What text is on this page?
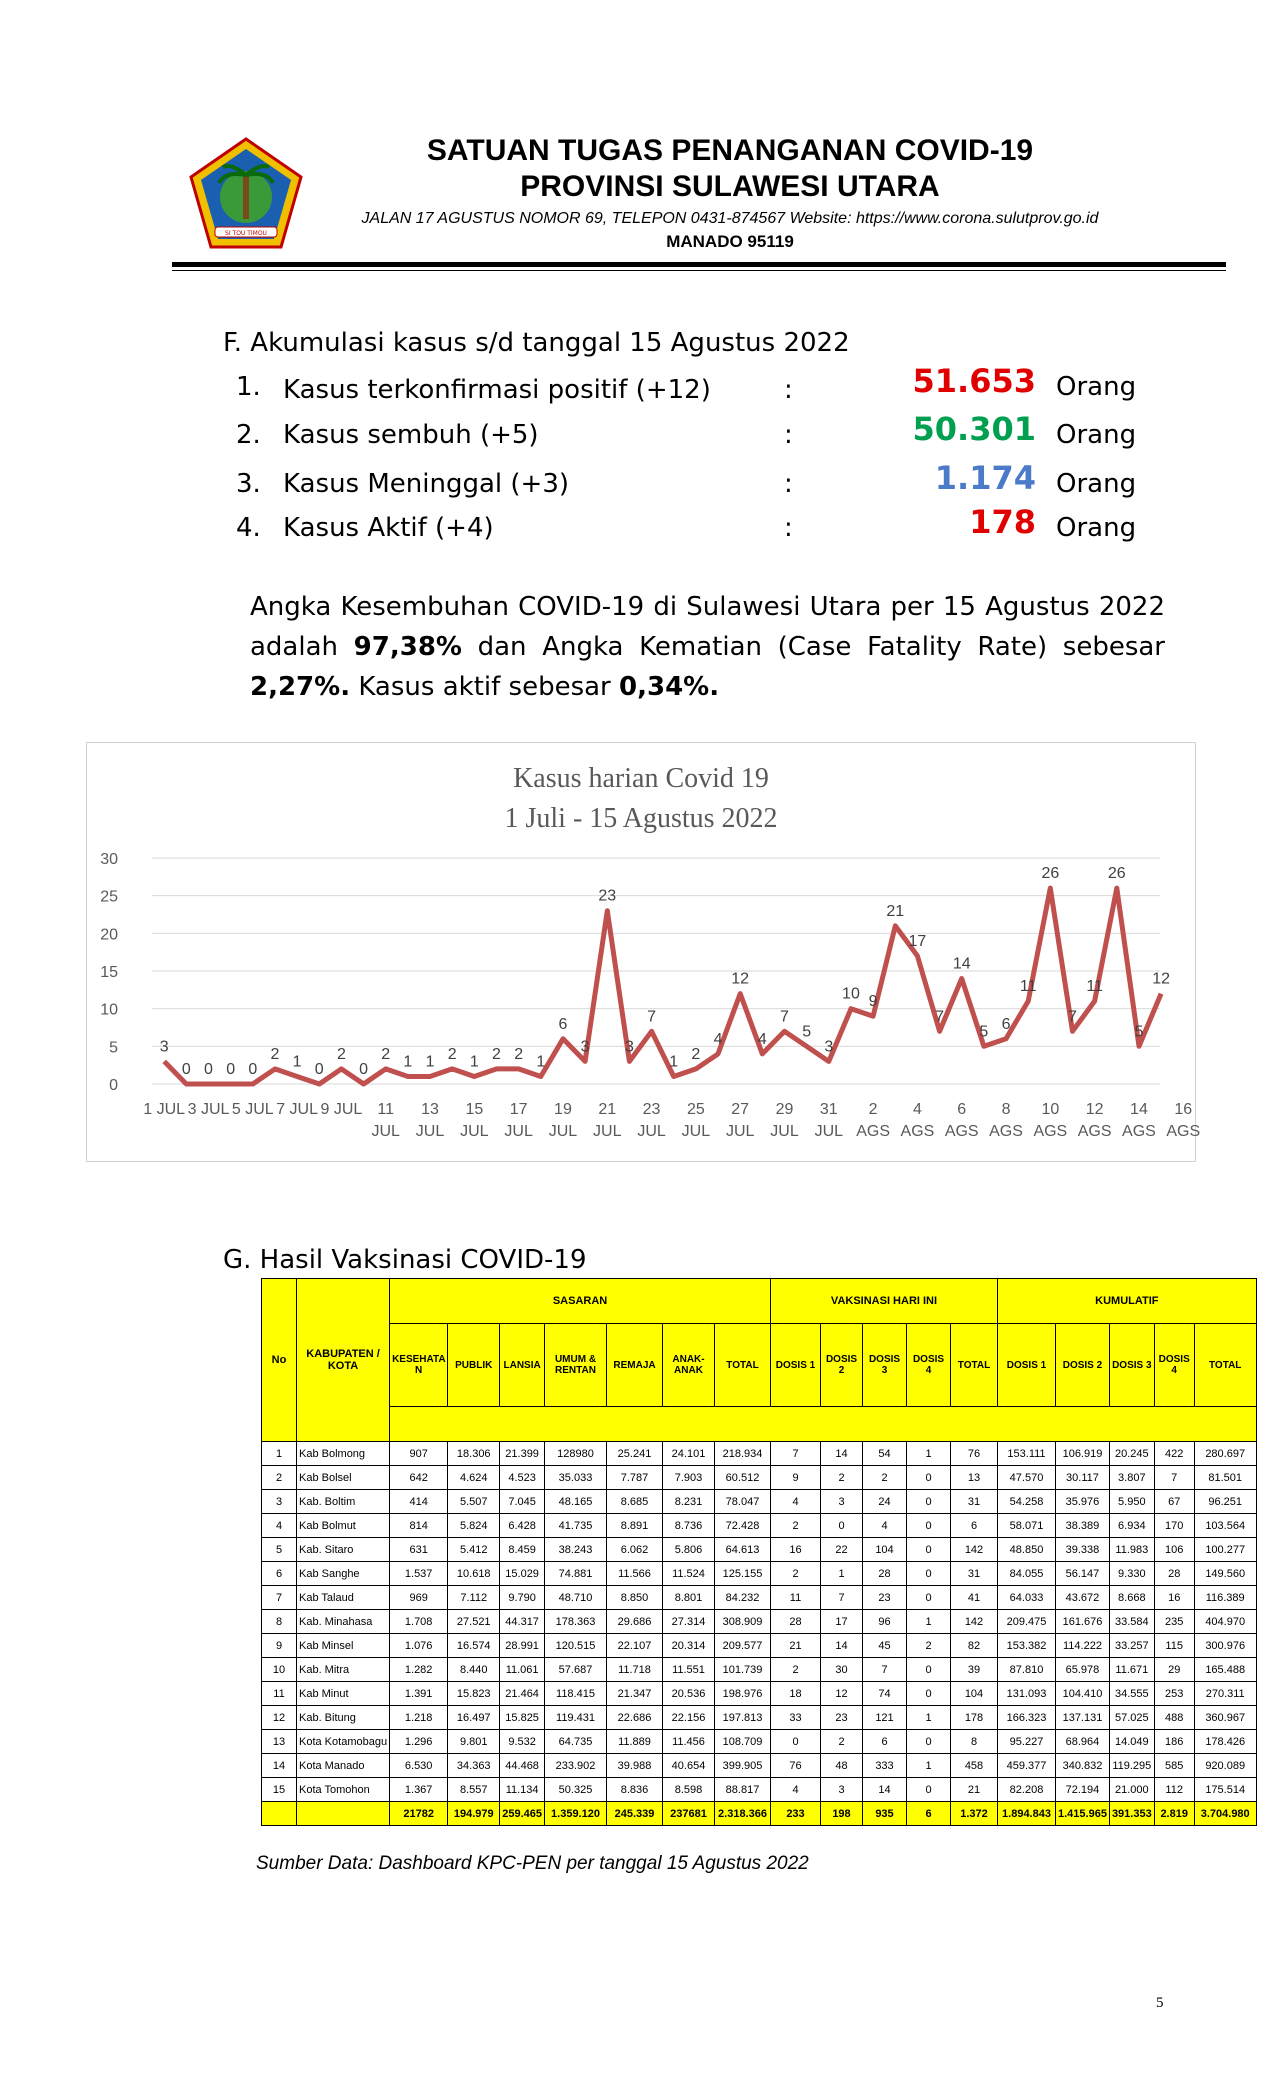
SI TOU TIMOU
SATUAN TUGAS PENANGANAN COVID-19
PROVINSI SULAWESI UTARA
JALAN 17 AGUSTUS NOMOR 69, TELEPON 0431-874567 Website: https://www.corona.sulutprov.go.id
MANADO 95119
F. Akumulasi kasus s/d tanggal 15 Agustus 2022
1. Kasus terkonfirmasi positif (+12)	:	51.653 Orang
2. Kasus sembuh (+5)	:	50.301 Orang
3. Kasus Meninggal (+3)	:	1.174 Orang
4. Kasus Aktif (+4)	:	178 Orang
Angka Kesembuhan COVID-19 di Sulawesi Utara per 15 Agustus 2022 adalah 97,38% dan Angka Kematian (Case Fatality Rate) sebesar 2,27%. Kasus aktif sebesar 0,34%.
Kasus harian Covid 19
1 Juli - 15 Agustus 2022
0
5
10
15
20
25
30
1 JUL 3 JUL 5 JUL 7 JUL 9 JUL 11
JUL
13
JUL
15
JUL
17
JUL
19
JUL
21
JUL
23
JUL
25
JUL
27
JUL
29
JUL
31
JUL
2
AGS
4
AGS
6
AGS
8
AGS
10
AGS
12
AGS
14
AGS
16
AGS
3
0 0 0 0
2 1 0
2
0
2 1 1 2 1 2 2 1
6
3
23
3
7
1 2
4
12
4
7
5
3
10 9
21
17
7
14
5 6
11
26
7
11
26
5
12
G. Hasil Vaksinasi COVID-19
No	KABUPATEN / KOTA	SASARAN							VAKSINASI HARI INI					KUMULATIF				
		KESEHATA N	PUBLIK	LANSIA	UMUM & RENTAN	REMAJA	ANAK-ANAK	TOTAL	DOSIS 1	DOSIS 2	DOSIS 3	DOSIS 4	TOTAL	DOSIS 1	DOSIS 2	DOSIS 3	DOSIS 4	TOTAL

1	Kab Bolmong	907	18.306	21.399	128980	25.241	24.101	218.934	7	14	54	1	76	153.111	106.919	20.245	422	280.697
2	Kab Bolsel	642	4.624	4.523	35.033	7.787	7.903	60.512	9	2	2	0	13	47.570	30.117	3.807	7	81.501
3	Kab. Boltim	414	5.507	7.045	48.165	8.685	8.231	78.047	4	3	24	0	31	54.258	35.976	5.950	67	96.251
4	Kab Bolmut	814	5.824	6.428	41.735	8.891	8.736	72.428	2	0	4	0	6	58.071	38.389	6.934	170	103.564
5	Kab. Sitaro	631	5.412	8.459	38.243	6.062	5.806	64.613	16	22	104	0	142	48.850	39.338	11.983	106	100.277
6	Kab Sanghe	1.537	10.618	15.029	74.881	11.566	11.524	125.155	2	1	28	0	31	84.055	56.147	9.330	28	149.560
7	Kab Talaud	969	7.112	9.790	48.710	8.850	8.801	84.232	11	7	23	0	41	64.033	43.672	8.668	16	116.389
8	Kab. Minahasa	1.708	27.521	44.317	178.363	29.686	27.314	308.909	28	17	96	1	142	209.475	161.676	33.584	235	404.970
9	Kab Minsel	1.076	16.574	28.991	120.515	22.107	20.314	209.577	21	14	45	2	82	153.382	114.222	33.257	115	300.976
10	Kab. Mitra	1.282	8.440	11.061	57.687	11.718	11.551	101.739	2	30	7	0	39	87.810	65.978	11.671	29	165.488
11	Kab Minut	1.391	15.823	21.464	118.415	21.347	20.536	198.976	18	12	74	0	104	131.093	104.410	34.555	253	270.311
12	Kab. Bitung	1.218	16.497	15.825	119.431	22.686	22.156	197.813	33	23	121	1	178	166.323	137.131	57.025	488	360.967
13	Kota Kotamobagu	1.296	9.801	9.532	64.735	11.889	11.456	108.709	0	2	6	0	8	95.227	68.964	14.049	186	178.426
14	Kota Manado	6.530	34.363	44.468	233.902	39.988	40.654	399.905	76	48	333	1	458	459.377	340.832	119.295	585	920.089
15	Kota Tomohon	1.367	8.557	11.134	50.325	8.836	8.598	88.817	4	3	14	0	21	82.208	72.194	21.000	112	175.514
		21782	194.979	259.465	1.359.120	245.339	237681	2.318.366	233	198	935	6	1.372	1.894.843	1.415.965	391.353	2.819	3.704.980
Sumber Data: Dashboard KPC-PEN per tanggal 15 Agustus 2022
5
